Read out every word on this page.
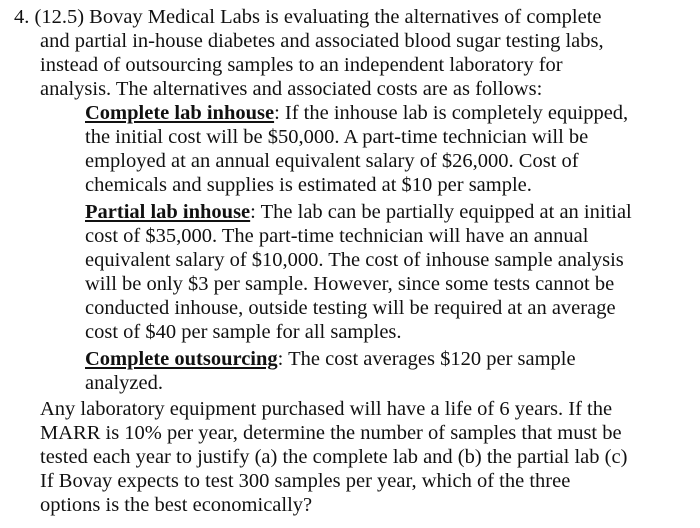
4. (12.5) Bovay Medical Labs is evaluating the alternatives of complete
and partial in-house diabetes and associated blood sugar testing labs,
instead of outsourcing samples to an independent laboratory for
analysis. The alternatives and associated costs are as follows:
Complete lab inhouse: If the inhouse lab is completely equipped,
the initial cost will be $50,000. A part-time technician will be
employed at an annual equivalent salary of $26,000. Cost of
chemicals and supplies is estimated at $10 per sample.
Partial lab inhouse: The lab can be partially equipped at an initial
cost of $35,000. The part-time technician will have an annual
equivalent salary of $10,000. The cost of inhouse sample analysis
will be only $3 per sample. However, since some tests cannot be
conducted inhouse, outside testing will be required at an average
cost of $40 per sample for all samples.
Complete outsourcing: The cost averages $120 per sample
analyzed.
Any laboratory equipment purchased will have a life of 6 years. If the
MARR is 10% per year, determine the number of samples that must be
tested each year to justify (a) the complete lab and (b) the partial lab (c)
If Bovay expects to test 300 samples per year, which of the three
options is the best economically?
